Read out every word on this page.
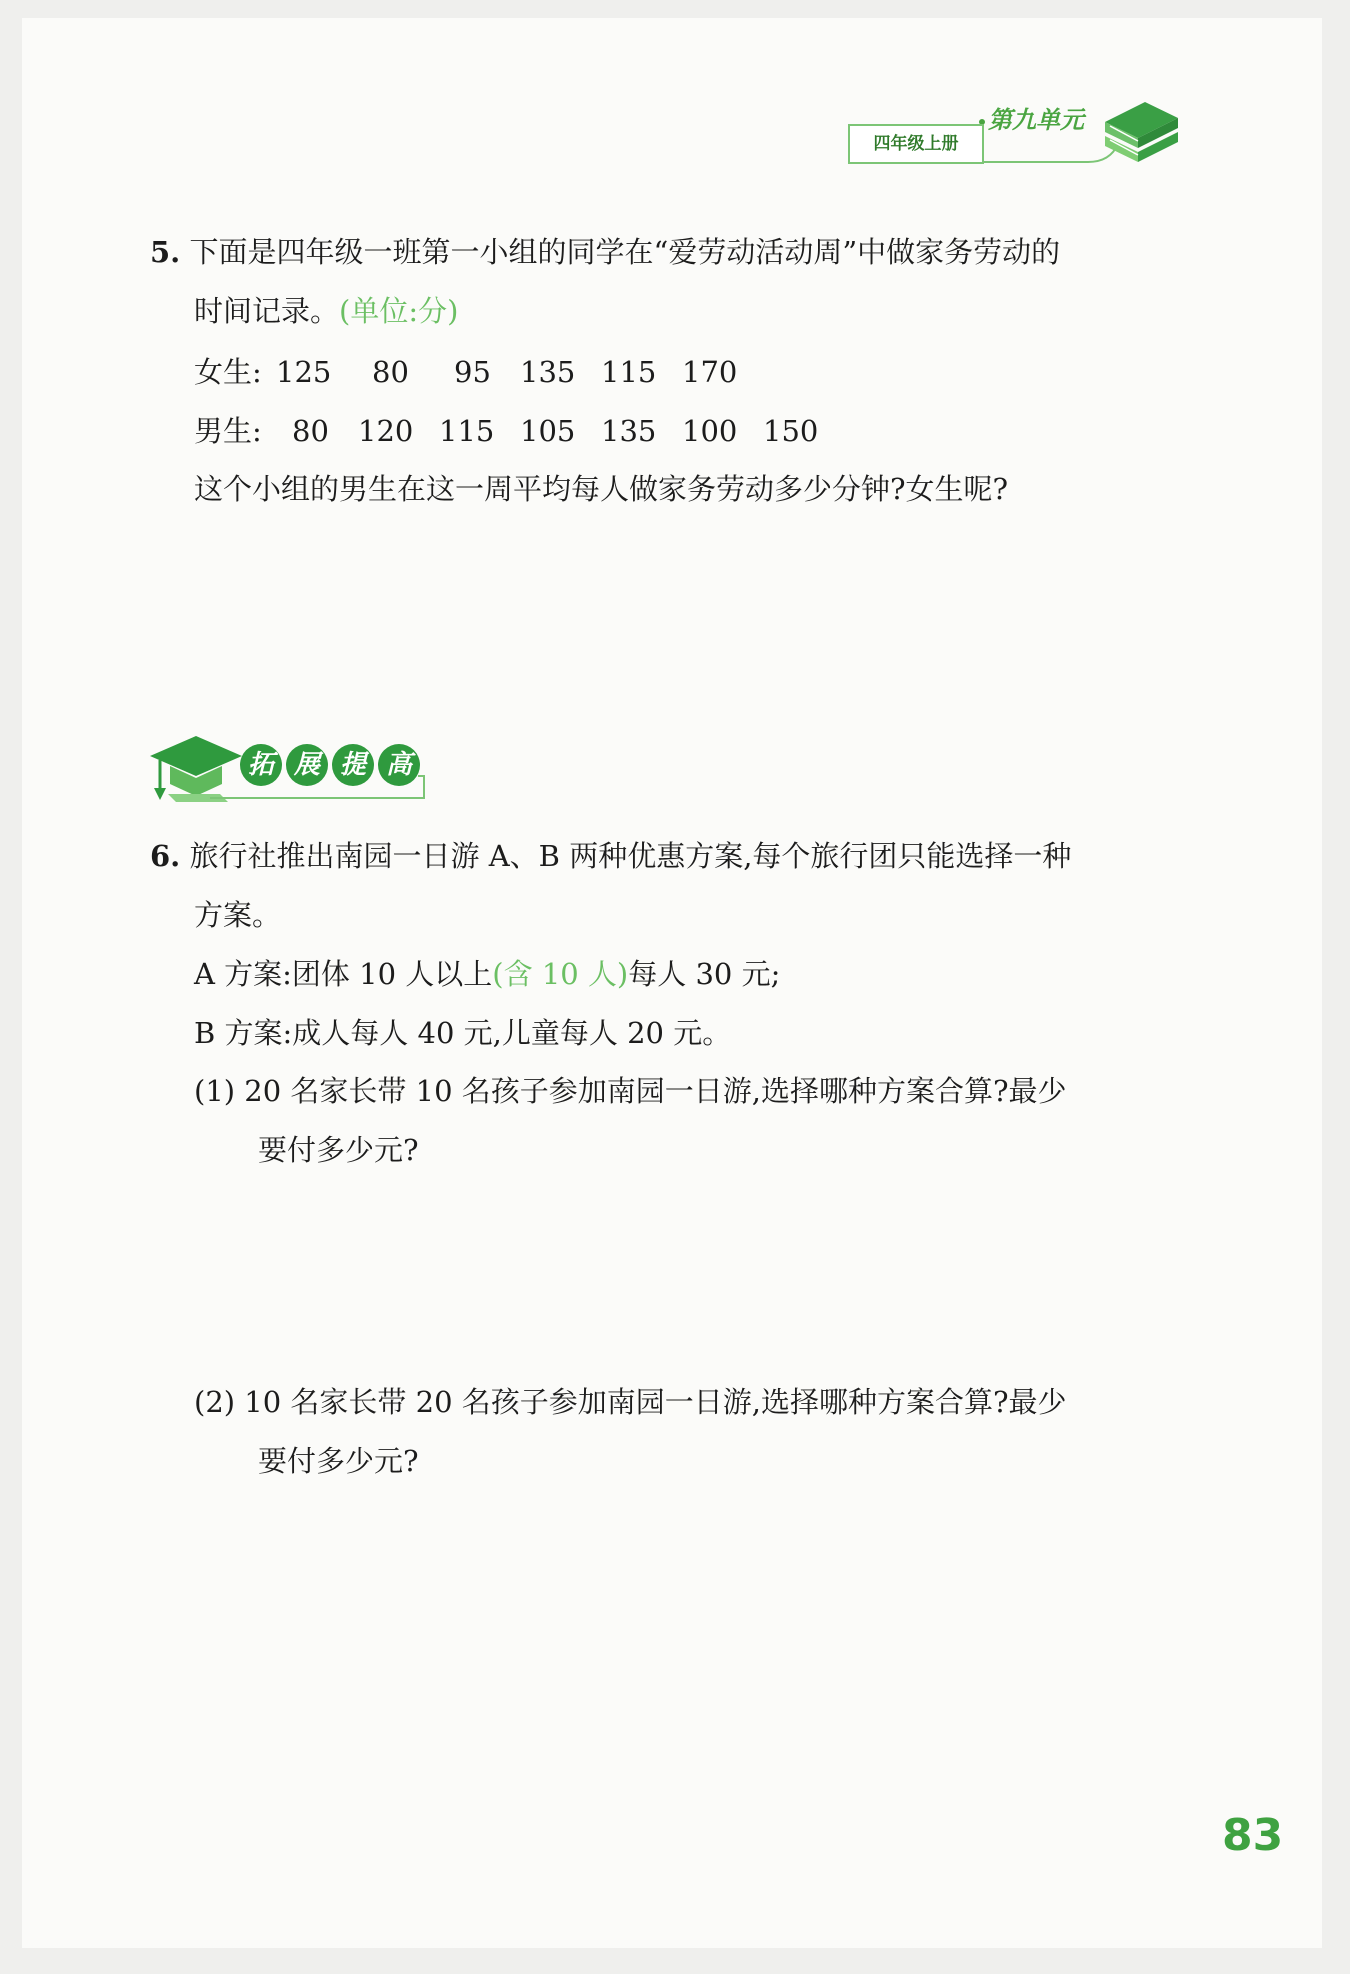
四年级上册
第九单元
5. 下面是四年级一班第一小组的同学在“爱劳动活动周”中做家务劳动的
时间记录。(单位:分)
女生: 125 80 95 135 115 170
男生: 80 120 115 105 135 100 150
这个小组的男生在这一周平均每人做家务劳动多少分钟?女生呢?
拓 展 提 高
6. 旅行社推出南园一日游 A、B 两种优惠方案,每个旅行团只能选择一种
方案。
A 方案:团体 10 人以上(含 10 人)每人 30 元;
B 方案:成人每人 40 元,儿童每人 20 元。
(1) 20 名家长带 10 名孩子参加南园一日游,选择哪种方案合算?最少
要付多少元?
(2) 10 名家长带 20 名孩子参加南园一日游,选择哪种方案合算?最少
要付多少元?
83
